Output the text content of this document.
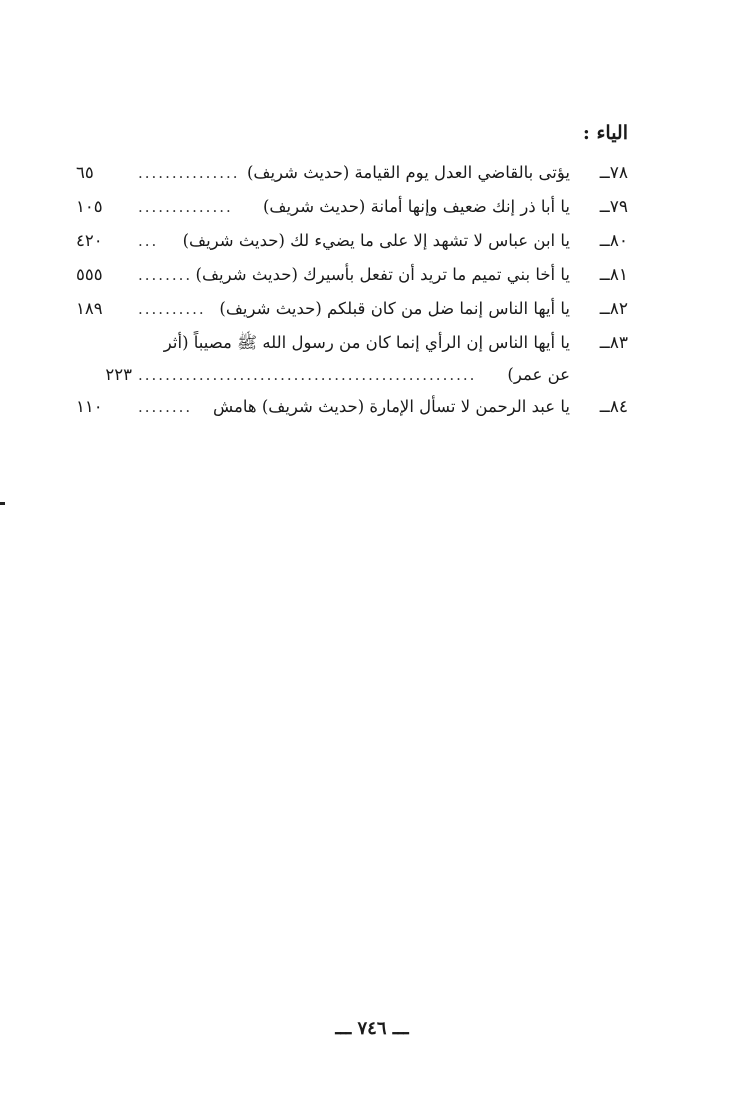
الياء :
٧٨ــ
يؤتى بالقاضي العدل يوم القيامة (حديث شريف)
...............
٦٥
٧٩ــ
يا أبا ذر إنك ضعيف وإنها أمانة (حديث شريف)
..............
١٠٥
٨٠ــ
يا ابن عباس لا تشهد إلا على ما يضيء لك (حديث شريف)
...
٤٢٠
٨١ــ
يا أخا بني تميم ما تريد أن تفعل بأسيرك (حديث شريف)
........
٥٥٥
٨٢ــ
يا أيها الناس إنما ضل من كان قبلكم (حديث شريف)
..........
١٨٩
٨٣ــ
يا أيها الناس إن الرأي إنما كان من رسول الله ﷺ مصيباً (أثر
عن عمر)
..................................................
٢٢٣
٨٤ــ
يا عبد الرحمن لا تسأل الإمارة (حديث شريف) هامش
........
١١٠
ـــ ٧٤٦ ـــ
